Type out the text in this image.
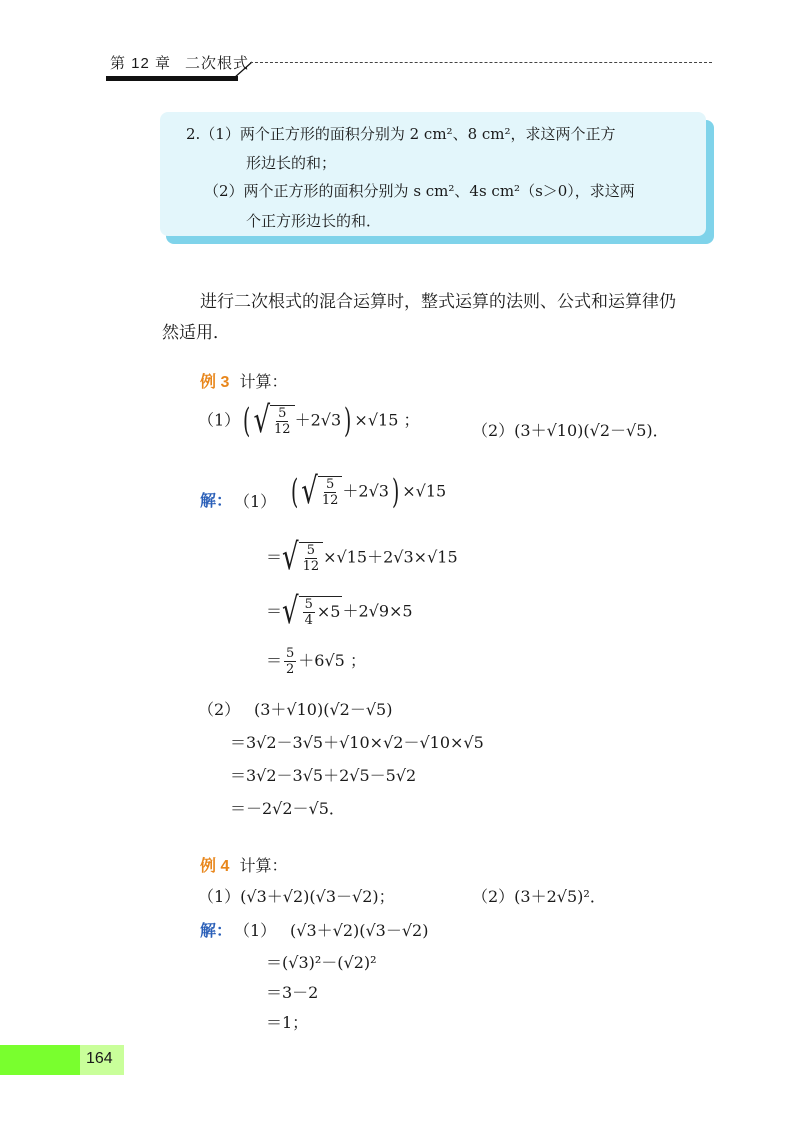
第 12 章 二次根式
2.（1）两个正方形的面积分别为 2 cm²、8 cm²，求这两个正方
形边长的和；
（2）两个正方形的面积分别为 s cm²、4s cm²（s＞0），求这两
个正方形边长的和．
进行二次根式的混合运算时，整式运算的法则、公式和运算律仍
然适用．
例 3 计算：
（1）( √ $\frac{5}{12} +2√3) \times√15$ ；
（2）(3＋√10)(√2－√5)．
解： （1） ( √ $\frac{5}{12} +2√3) \times√15$
＝√ $\frac{5}{12} \times√15+2√3\times√15$
＝√ $\frac{5}{4} \times 5 +2√9\times 5$
＝ $\frac{5}{2} +6√5$ ；
（2） (3＋√10)(√2－√5)
＝3√2－3√5＋√10×√2－√10×√5
＝3√2－3√5＋2√5－5√2
＝－2√2－√5．
例 4 计算：
（1）(√3＋√2)(√3－√2)；	（2）(3＋2√5)²．
解： （1） (√3＋√2)(√3－√2)
＝(√3)²－(√2)²
＝3－2
＝1；
164
